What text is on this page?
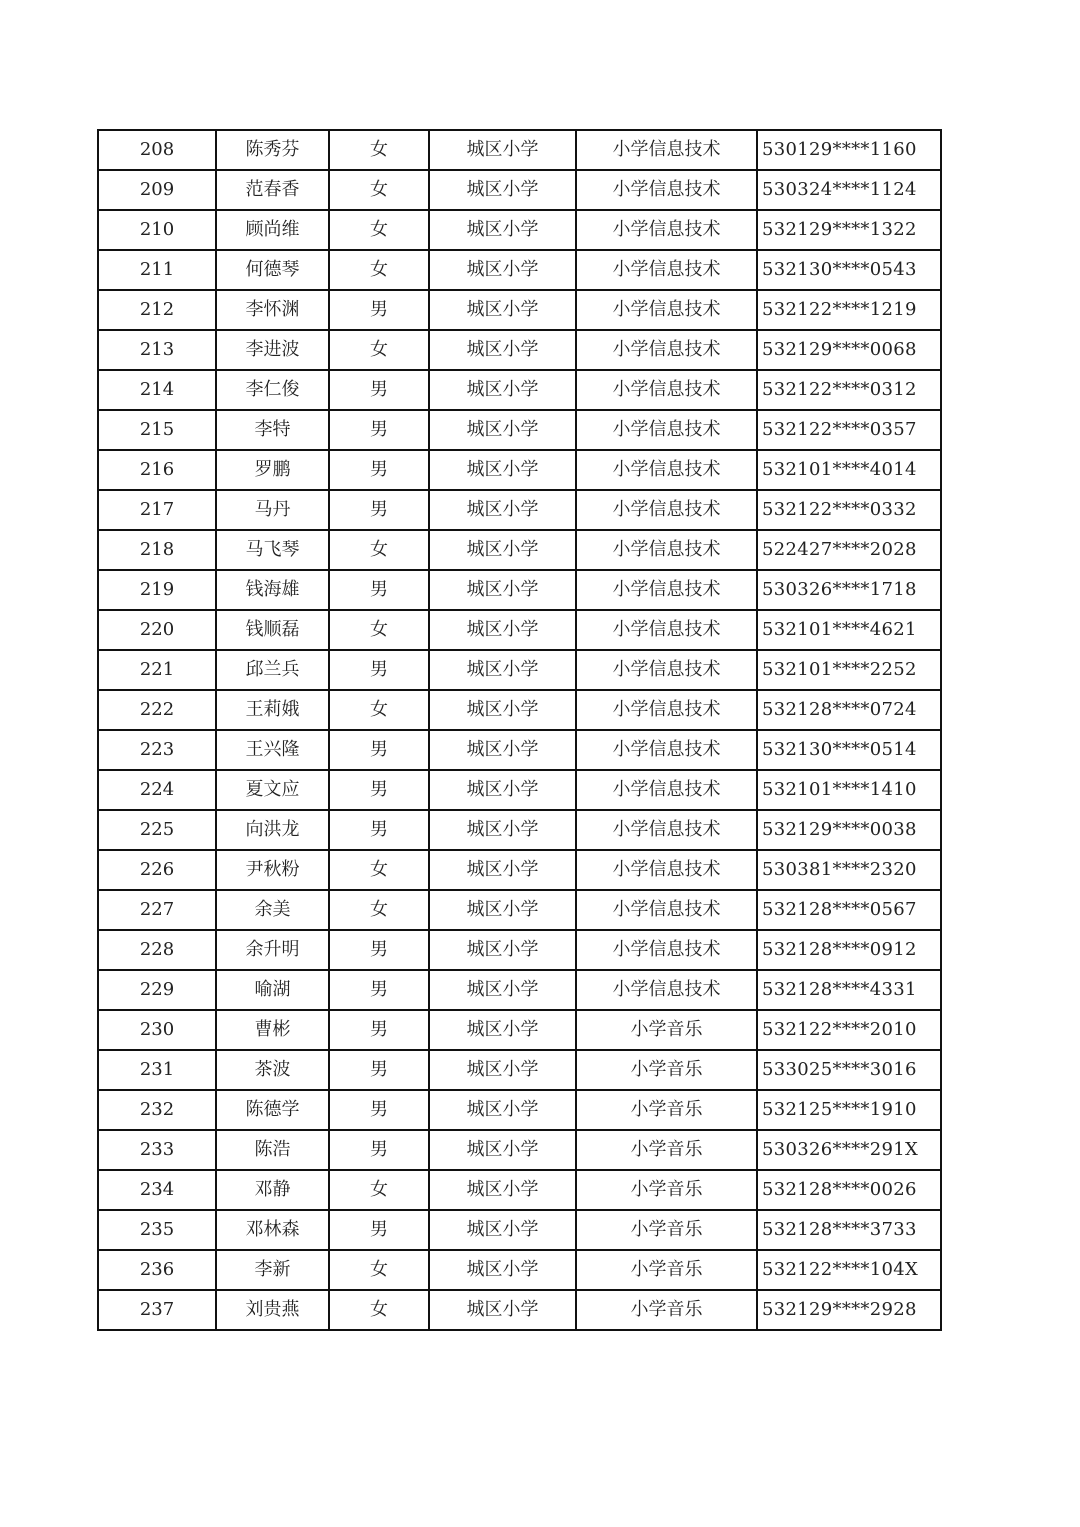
208	陈秀芬	女	城区小学	小学信息技术	530129****1160
209	范春香	女	城区小学	小学信息技术	530324****1124
210	顾尚维	女	城区小学	小学信息技术	532129****1322
211	何德琴	女	城区小学	小学信息技术	532130****0543
212	李怀渊	男	城区小学	小学信息技术	532122****1219
213	李进波	女	城区小学	小学信息技术	532129****0068
214	李仁俊	男	城区小学	小学信息技术	532122****0312
215	李特	男	城区小学	小学信息技术	532122****0357
216	罗鹏	男	城区小学	小学信息技术	532101****4014
217	马丹	男	城区小学	小学信息技术	532122****0332
218	马飞琴	女	城区小学	小学信息技术	522427****2028
219	钱海雄	男	城区小学	小学信息技术	530326****1718
220	钱顺磊	女	城区小学	小学信息技术	532101****4621
221	邱兰兵	男	城区小学	小学信息技术	532101****2252
222	王莉娥	女	城区小学	小学信息技术	532128****0724
223	王兴隆	男	城区小学	小学信息技术	532130****0514
224	夏文应	男	城区小学	小学信息技术	532101****1410
225	向洪龙	男	城区小学	小学信息技术	532129****0038
226	尹秋粉	女	城区小学	小学信息技术	530381****2320
227	余美	女	城区小学	小学信息技术	532128****0567
228	余升明	男	城区小学	小学信息技术	532128****0912
229	喻湖	男	城区小学	小学信息技术	532128****4331
230	曹彬	男	城区小学	小学音乐	532122****2010
231	茶波	男	城区小学	小学音乐	533025****3016
232	陈德学	男	城区小学	小学音乐	532125****1910
233	陈浩	男	城区小学	小学音乐	530326****291X
234	邓静	女	城区小学	小学音乐	532128****0026
235	邓林森	男	城区小学	小学音乐	532128****3733
236	李新	女	城区小学	小学音乐	532122****104X
237	刘贵燕	女	城区小学	小学音乐	532129****2928
